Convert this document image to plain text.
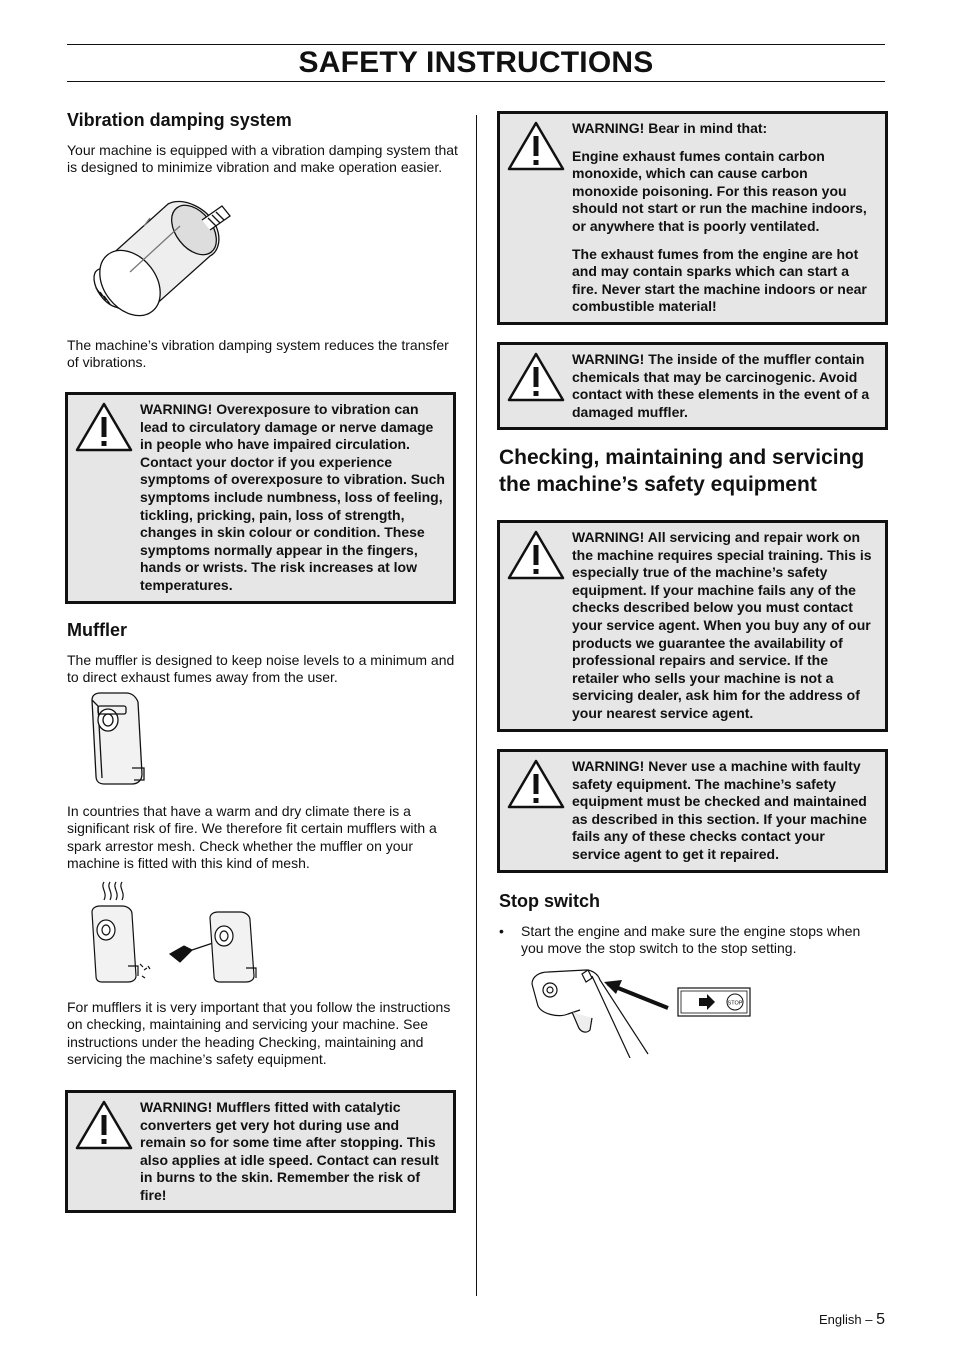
SAFETY INSTRUCTIONS
Vibration damping system

Your machine is equipped with a vibration damping system that is designed to minimize vibration and make operation easier.

The machine’s vibration damping system reduces the transfer of vibrations.

WARNING! Overexposure to vibration can lead to circulatory damage or nerve damage in people who have impaired circulation. Contact your doctor if you experience symptoms of overexposure to vibration. Such symptoms include numbness, loss of feeling, tickling, pricking, pain, loss of strength, changes in skin colour or condition. These symptoms normally appear in the fingers, hands or wrists. The risk increases at low temperatures.

Muffler

The muffler is designed to keep noise levels to a minimum and to direct exhaust fumes away from the user.

In countries that have a warm and dry climate there is a significant risk of fire. We therefore fit certain mufflers with a spark arrestor mesh. Check whether the muffler on your machine is fitted with this kind of mesh.

For mufflers it is very important that you follow the instructions on checking, maintaining and servicing your machine. See instructions under the heading Checking, maintaining and servicing the machine’s safety equipment.

WARNING! Mufflers fitted with catalytic converters get very hot during use and remain so for some time after stopping. This also applies at idle speed. Contact can result in burns to the skin. Remember the risk of fire!

WARNING! Bear in mind that:

Engine exhaust fumes contain carbon monoxide, which can cause carbon monoxide poisoning. For this reason you should not start or run the machine indoors, or anywhere that is poorly ventilated.

The exhaust fumes from the engine are hot and may contain sparks which can start a fire. Never start the machine indoors or near combustible material!

WARNING! The inside of the muffler contain chemicals that may be carcinogenic. Avoid contact with these elements in the event of a damaged muffler.

Checking, maintaining and servicing the machine’s safety equipment

WARNING! All servicing and repair work on the machine requires special training. This is especially true of the machine’s safety equipment. If your machine fails any of the checks described below you must contact your service agent. When you buy any of our products we guarantee the availability of professional repairs and service. If the retailer who sells your machine is not a servicing dealer, ask him for the address of your nearest service agent.

WARNING! Never use a machine with faulty safety equipment. The machine’s safety equipment must be checked and maintained as described in this section. If your machine fails any of these checks contact your service agent to get it repaired.

Stop switch
• Start the engine and make sure the engine stops when you move the stop switch to the stop setting.

STOP
English – 5
